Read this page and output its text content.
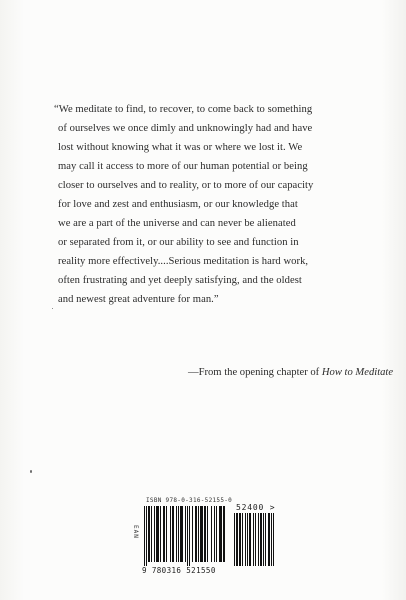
“We meditate to find, to recover, to come back to something
of ourselves we once dimly and unknowingly had and have
lost without knowing what it was or where we lost it. We
may call it access to more of our human potential or being
closer to ourselves and to reality, or to more of our capacity
for love and zest and enthusiasm, or our knowledge that
we are a part of the universe and can never be alienated
or separated from it, or our ability to see and function in
reality more effectively....Serious meditation is hard work,
often frustrating and yet deeply satisfying, and the oldest
and newest great adventure for man.”
—From the opening chapter of How to Meditate
ISBN 978-0-316-52155-0
EAN
9 780316 521550
52400 >
